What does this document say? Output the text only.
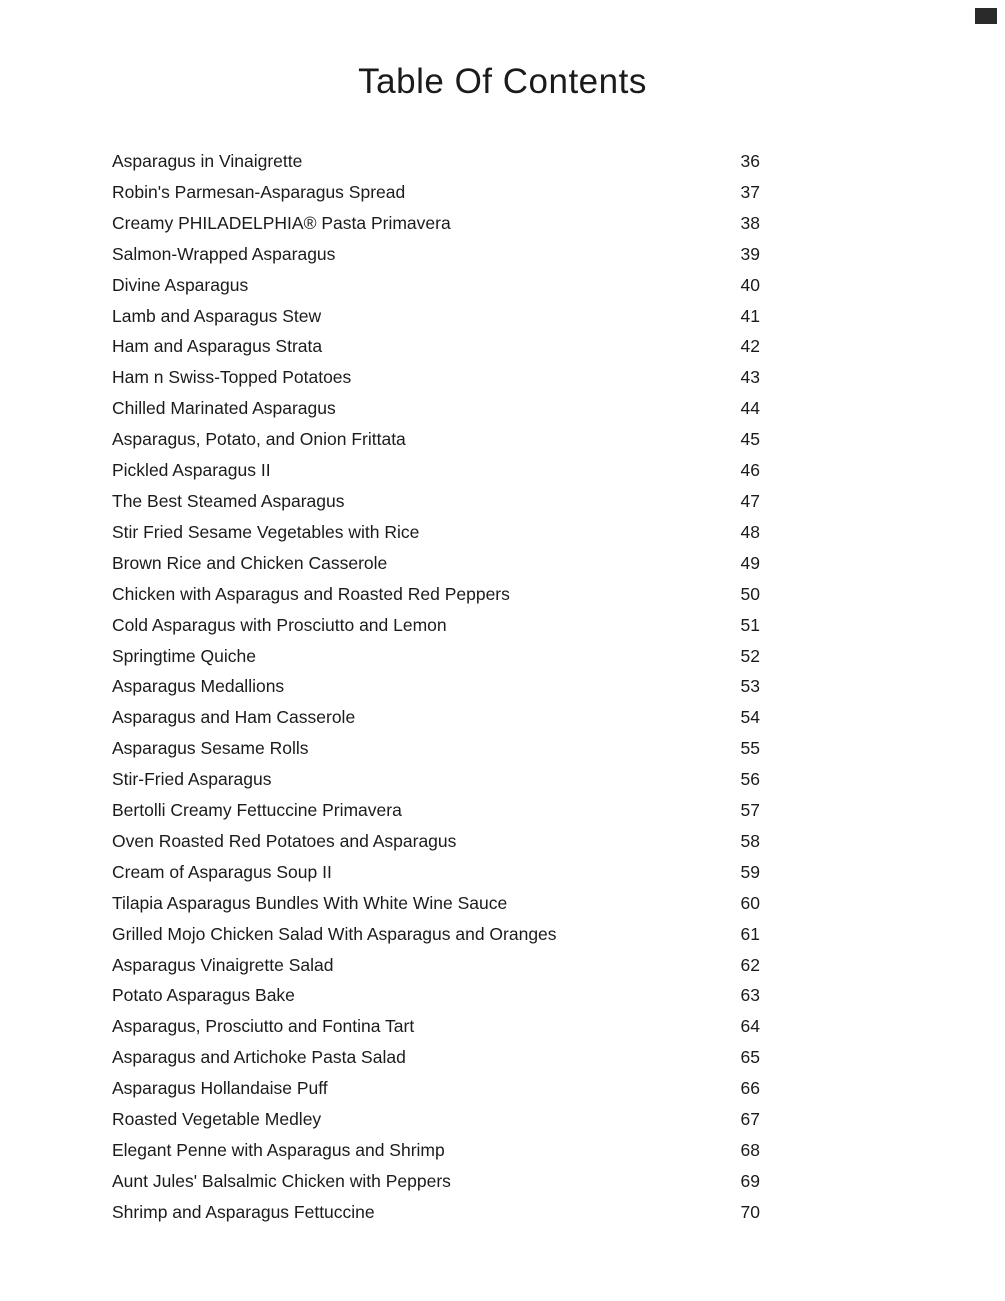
Table Of Contents
Asparagus in Vinaigrette	36
Robin's Parmesan-Asparagus Spread	37
Creamy PHILADELPHIA® Pasta Primavera	38
Salmon-Wrapped Asparagus	39
Divine Asparagus	40
Lamb and Asparagus Stew	41
Ham and Asparagus Strata	42
Ham n Swiss-Topped Potatoes	43
Chilled Marinated Asparagus	44
Asparagus, Potato, and Onion Frittata	45
Pickled Asparagus II	46
The Best Steamed Asparagus	47
Stir Fried Sesame Vegetables with Rice	48
Brown Rice and Chicken Casserole	49
Chicken with Asparagus and Roasted Red Peppers	50
Cold Asparagus with Prosciutto and Lemon	51
Springtime Quiche	52
Asparagus Medallions	53
Asparagus and Ham Casserole	54
Asparagus Sesame Rolls	55
Stir-Fried Asparagus	56
Bertolli Creamy Fettuccine Primavera	57
Oven Roasted Red Potatoes and Asparagus	58
Cream of Asparagus Soup II	59
Tilapia Asparagus Bundles With White Wine Sauce	60
Grilled Mojo Chicken Salad With Asparagus and Oranges	61
Asparagus Vinaigrette Salad	62
Potato Asparagus Bake	63
Asparagus, Prosciutto and Fontina Tart	64
Asparagus and Artichoke Pasta Salad	65
Asparagus Hollandaise Puff	66
Roasted Vegetable Medley	67
Elegant Penne with Asparagus and Shrimp	68
Aunt Jules' Balsalmic Chicken with Peppers	69
Shrimp and Asparagus Fettuccine	70
